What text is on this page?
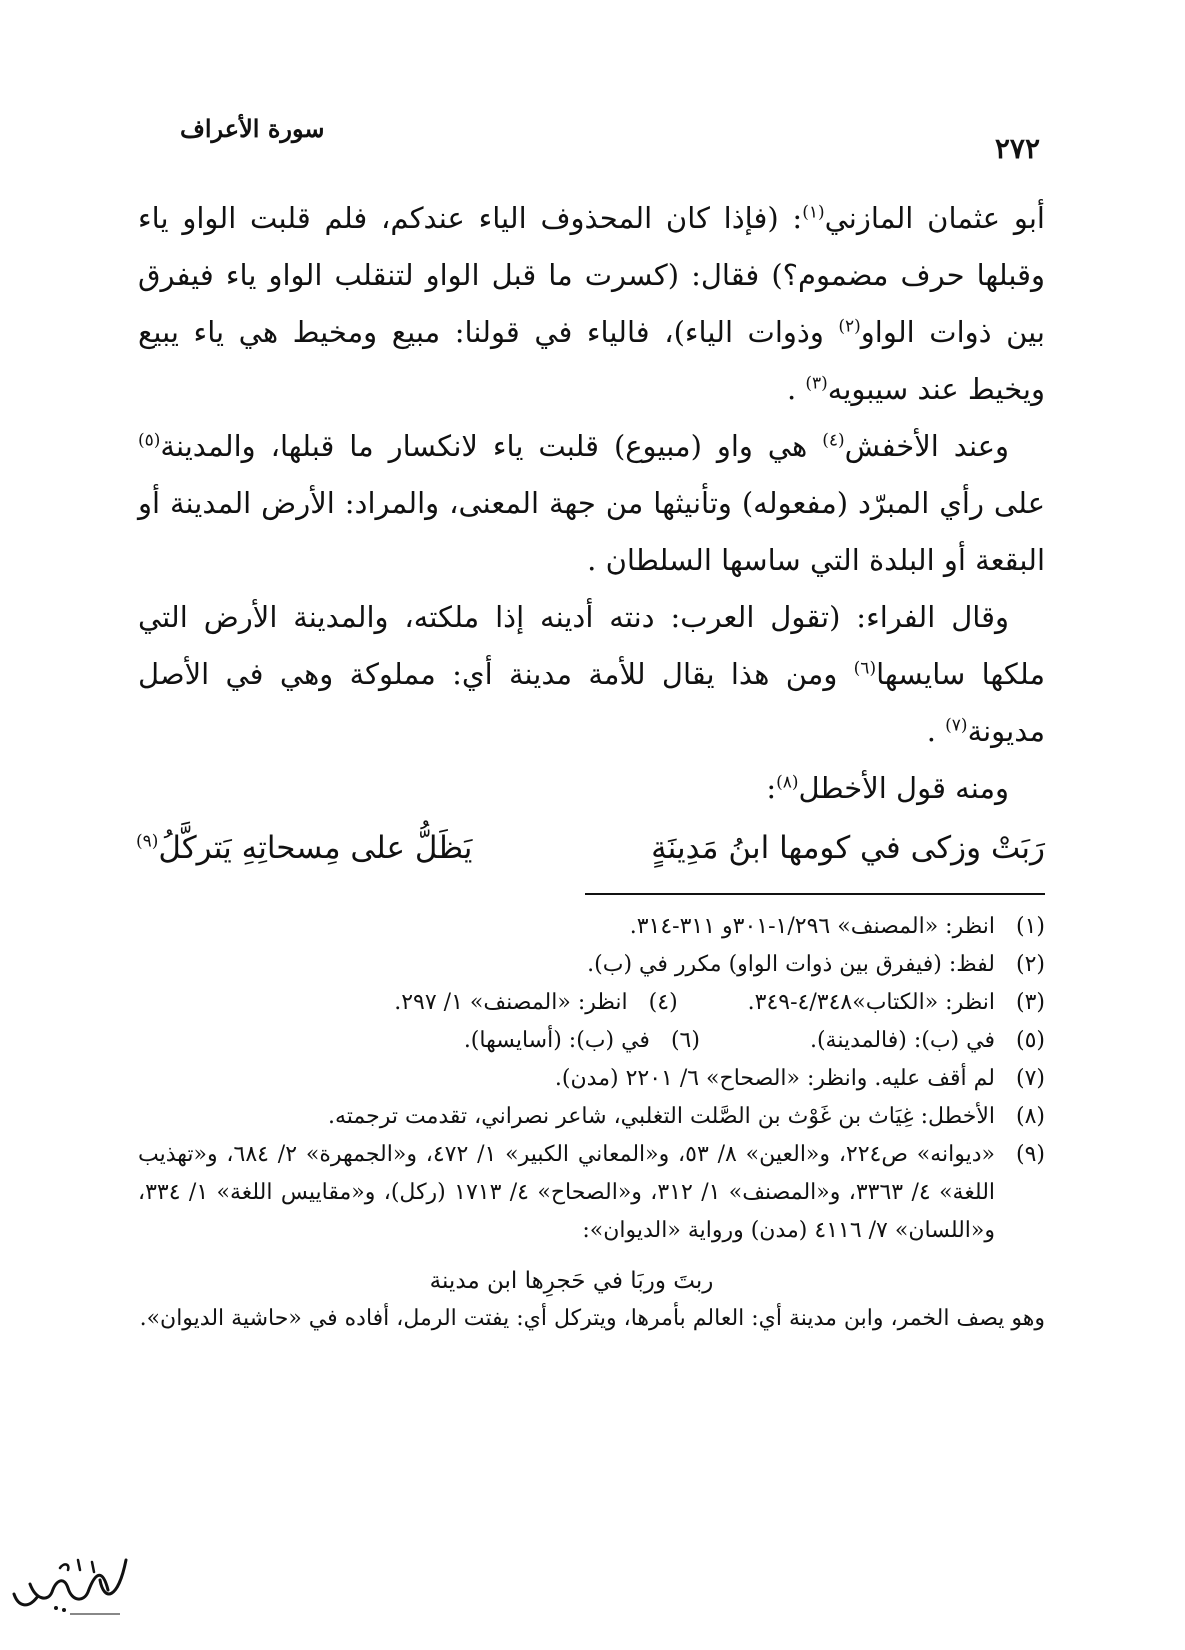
٢٧٢
سورة الأعراف

أبو عثمان المازني$^{(١)}$: (فإذا كان المحذوف الياء عندكم، فلم قلبت الواو ياء وقبلها حرف مضموم؟) فقال: (كسرت ما قبل الواو لتنقلب الواو ياء فيفرق بين ذوات الواو$^{(٢)}$ وذوات الياء)، فالياء في قولنا: مبيع ومخيط هي ياء يبيع ويخيط عند سيبويه$^{(٣)}$ .

وعند الأخفش$^{(٤)}$ هي واو (مبيوع) قلبت ياء لانكسار ما قبلها، والمدينة$^{(٥)}$ على رأي المبرّد (مفعوله) وتأنيثها من جهة المعنى، والمراد: الأرض المدينة أو البقعة أو البلدة التي ساسها السلطان .

وقال الفراء: (تقول العرب: دنته أدينه إذا ملكته، والمدينة الأرض التي ملكها سايسها$^{(٦)}$ ومن هذا يقال للأمة مدينة أي: مملوكة وهي في الأصل مديونة$^{(٧)}$ .

ومنه قول الأخطل$^{(٨)}$:

رَبَتْ وزكى في كومها ابنُ مَدِينَةٍ
يَظَلُّ على مِسحاتِهِ يَتركَّلُ$^{(٩)}$
(١)
انظر: «المصنف» ١/٢٩٦-٣٠١و ٣١١-٣١٤.
(٢)
لفظ: (فيفرق بين ذوات الواو) مكرر في (ب).
(٣)
انظر: «الكتاب»٤/٣٤٨-٣٤٩.
(٤)
انظر: «المصنف» ١/ ٢٩٧.
(٥)
في (ب): (فالمدينة).
(٦)
في (ب): (أسايسها).
(٧)
لم أقف عليه. وانظر: «الصحاح» ٦/ ٢٢٠١ (مدن).
(٨)
الأخطل: غِيَاث بن غَوْث بن الصَّلت التغلبي، شاعر نصراني، تقدمت ترجمته.
(٩)
«ديوانه» ص٢٢٤، و«العين» ٨/ ٥٣، و«المعاني الكبير» ١/ ٤٧٢، و«الجمهرة» ٢/ ٦٨٤، و«تهذيب اللغة» ٤/ ٣٣٦٣، و«المصنف» ١/ ٣١٢، و«الصحاح» ٤/ ١٧١٣ (ركل)، و«مقاييس اللغة» ١/ ٣٣٤، و«اللسان» ٧/ ٤١١٦ (مدن) ورواية «الديوان»:
ربتَ وربَا في حَجرِها ابن مدينة
وهو يصف الخمر، وابن مدينة أي: العالم بأمرها، ويتركل أي: يفتت الرمل، أفاده في «حاشية الديوان».
